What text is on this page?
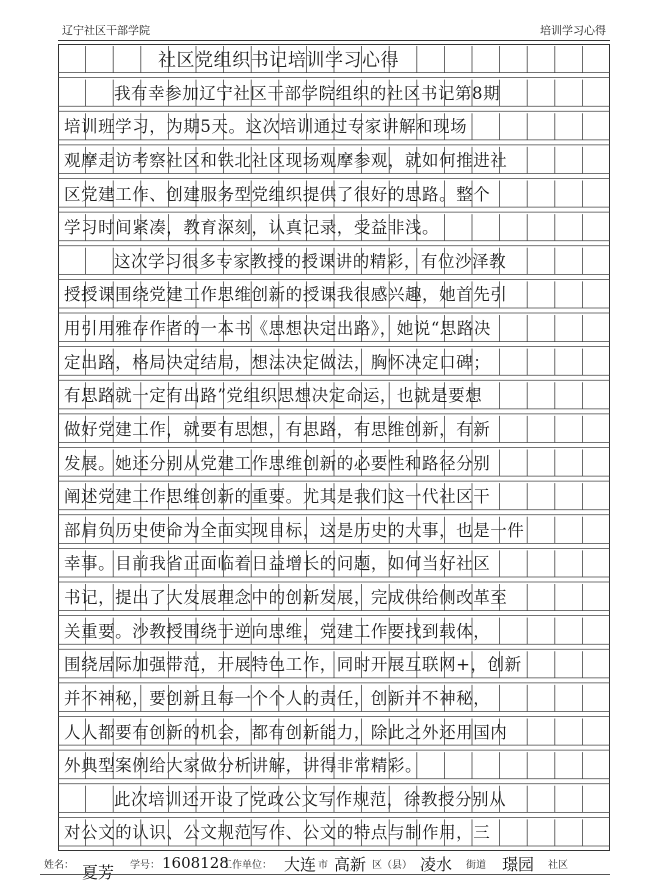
辽宁社区干部学院	培训学习心得
社区党组织书记培训学习心得
我有幸参加辽宁社区干部学院组织的社区书记第8期
培训班学习，为期5天。这次培训通过专家讲解和现场
观摩走访考察社区和铁北社区现场观摩参观，就如何推进社
区党建工作、创建服务型党组织提供了很好的思路。整个
学习时间紧凑，教育深刻，认真记录，受益非浅。
这次学习很多专家教授的授课讲的精彩，有位沙泽教
授授课围绕党建工作思维创新的授课我很感兴趣，她首先引
用引用雅存作者的一本书《思想决定出路》，她说“思路决
定出路，格局决定结局，想法决定做法，胸怀决定口碑；
有思路就一定有出路”党组织思想决定命运，也就是要想
做好党建工作，就要有思想，有思路，有思维创新，有新
发展。她还分别从党建工作思维创新的必要性和路径分别
阐述党建工作思维创新的重要。尤其是我们这一代社区干
部肩负历史使命为全面实现目标，这是历史的大事，也是一件
幸事。目前我省正面临着日益增长的问题，如何当好社区
书记，提出了大发展理念中的创新发展，完成供给侧改革至
关重要。沙教授围绕于逆向思维，党建工作要找到载体，
围绕居际加强带范，开展特色工作，同时开展互联网+，创新
并不神秘，要创新且每一个个人的责任，创新并不神秘，
人人都要有创新的机会，都有创新能力，除此之外还用国内
外典型案例给大家做分析讲解，讲得非常精彩。
此次培训还开设了党政公文写作规范，徐教授分别从
对公文的认识、公文规范写作、公文的特点与制作用，三
姓名： 夏芳 学号： 1608128
工作单位： 大连 市 高新 区（县） 凌水 街道 璟园 社区
